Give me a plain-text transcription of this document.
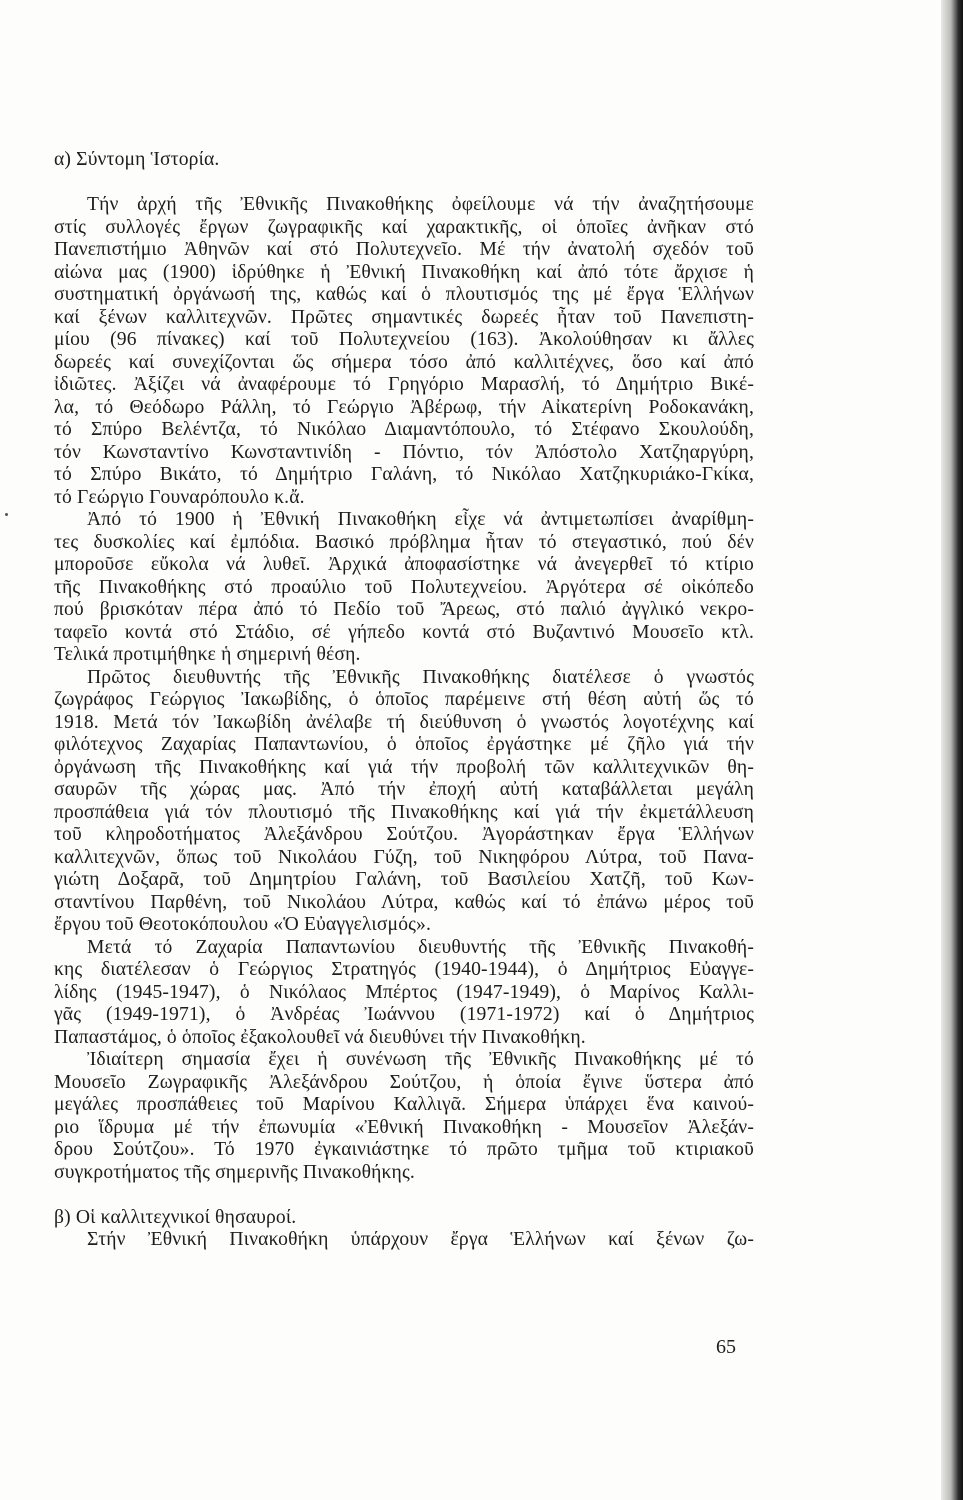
α) Σύντομη Ἱστορία.
Τήν ἀρχή τῆς Ἐθνικῆς Πινακοθήκης ὀφείλουμε νά τήν ἀναζητήσουμε
στίς συλλογές ἔργων ζωγραφικῆς καί χαρακτικῆς, οἱ ὁποῖες ἀνῆκαν στό
Πανεπιστήμιο Ἀθηνῶν καί στό Πολυτεχνεῖο. Μέ τήν ἀνατολή σχεδόν τοῦ
αἰώνα μας (1900) ἱδρύθηκε ἡ Ἐθνική Πινακοθήκη καί ἀπό τότε ἄρχισε ἡ
συστηματική ὀργάνωσή της, καθώς καί ὁ πλουτισμός της μέ ἔργα Ἑλλήνων
καί ξένων καλλιτεχνῶν. Πρῶτες σημαντικές δωρεές ἦταν τοῦ Πανεπιστη-
μίου (96 πίνακες) καί τοῦ Πολυτεχνείου (163). Ἀκολούθησαν κι ἄλλες
δωρεές καί συνεχίζονται ὥς σήμερα τόσο ἀπό καλλιτέχνες, ὅσο καί ἀπό
ἰδιῶτες. Ἀξίζει νά ἀναφέρουμε τό Γρηγόριο Μαρασλή, τό Δημήτριο Βικέ-
λα, τό Θεόδωρο Ράλλη, τό Γεώργιο Ἀβέρωφ, τήν Αἰκατερίνη Ροδοκανάκη,
τό Σπύρο Βελέντζα, τό Νικόλαο Διαμαντόπουλο, τό Στέφανο Σκουλούδη,
τόν Κωνσταντίνο Κωνσταντινίδη - Πόντιο, τόν Ἀπόστολο Χατζηαργύρη,
τό Σπύρο Βικάτο, τό Δημήτριο Γαλάνη, τό Νικόλαο Χατζηκυριάκο-Γκίκα,
τό Γεώργιο Γουναρόπουλο κ.ἄ.
Ἀπό τό 1900 ἡ Ἐθνική Πινακοθήκη εἶχε νά ἀντιμετωπίσει ἀναρίθμη-
τες δυσκολίες καί ἐμπόδια. Βασικό πρόβλημα ἦταν τό στεγαστικό, πού δέν
μποροῦσε εὔκολα νά λυθεῖ. Ἀρχικά ἀποφασίστηκε νά ἀνεγερθεῖ τό κτίριο
τῆς Πινακοθήκης στό προαύλιο τοῦ Πολυτεχνείου. Ἀργότερα σέ οἰκόπεδο
πού βρισκόταν πέρα ἀπό τό Πεδίο τοῦ Ἄρεως, στό παλιό ἀγγλικό νεκρο-
ταφεῖο κοντά στό Στάδιο, σέ γήπεδο κοντά στό Βυζαντινό Μουσεῖο κτλ.
Τελικά προτιμήθηκε ἡ σημερινή θέση.
Πρῶτος διευθυντής τῆς Ἐθνικῆς Πινακοθήκης διατέλεσε ὁ γνωστός
ζωγράφος Γεώργιος Ἰακωβίδης, ὁ ὁποῖος παρέμεινε στή θέση αὐτή ὥς τό
1918. Μετά τόν Ἰακωβίδη ἀνέλαβε τή διεύθυνση ὁ γνωστός λογοτέχνης καί
φιλότεχνος Ζαχαρίας Παπαντωνίου, ὁ ὁποῖος ἐργάστηκε μέ ζῆλο γιά τήν
ὀργάνωση τῆς Πινακοθήκης καί γιά τήν προβολή τῶν καλλιτεχνικῶν θη-
σαυρῶν τῆς χώρας μας. Ἀπό τήν ἐποχή αὐτή καταβάλλεται μεγάλη
προσπάθεια γιά τόν πλουτισμό τῆς Πινακοθήκης καί γιά τήν ἐκμετάλλευση
τοῦ κληροδοτήματος Ἀλεξάνδρου Σούτζου. Ἀγοράστηκαν ἔργα Ἑλλήνων
καλλιτεχνῶν, ὅπως τοῦ Νικολάου Γύζη, τοῦ Νικηφόρου Λύτρα, τοῦ Πανα-
γιώτη Δοξαρᾶ, τοῦ Δημητρίου Γαλάνη, τοῦ Βασιλείου Χατζῆ, τοῦ Κων-
σταντίνου Παρθένη, τοῦ Νικολάου Λύτρα, καθώς καί τό ἐπάνω μέρος τοῦ
ἔργου τοῦ Θεοτοκόπουλου «Ὁ Εὐαγγελισμός».
Μετά τό Ζαχαρία Παπαντωνίου διευθυντής τῆς Ἐθνικῆς Πινακοθή-
κης διατέλεσαν ὁ Γεώργιος Στρατηγός (1940-1944), ὁ Δημήτριος Εὐαγγε-
λίδης (1945-1947), ὁ Νικόλαος Μπέρτος (1947-1949), ὁ Μαρίνος Καλλι-
γᾶς (1949-1971), ὁ Ἀνδρέας Ἰωάννου (1971-1972) καί ὁ Δημήτριος
Παπαστάμος, ὁ ὁποῖος ἐξακολουθεῖ νά διευθύνει τήν Πινακοθήκη.
Ἰδιαίτερη σημασία ἔχει ἡ συνένωση τῆς Ἐθνικῆς Πινακοθήκης μέ τό
Μουσεῖο Ζωγραφικῆς Ἀλεξάνδρου Σούτζου, ἡ ὁποία ἔγινε ὕστερα ἀπό
μεγάλες προσπάθειες τοῦ Μαρίνου Καλλιγᾶ. Σήμερα ὑπάρχει ἕνα καινού-
ριο ἵδρυμα μέ τήν ἐπωνυμία «Ἐθνική Πινακοθήκη - Μουσεῖον Ἀλεξάν-
δρου Σούτζου». Τό 1970 ἐγκαινιάστηκε τό πρῶτο τμῆμα τοῦ κτιριακοῦ
συγκροτήματος τῆς σημερινῆς Πινακοθήκης.
β) Οἱ καλλιτεχνικοί θησαυροί.
Στήν Ἐθνική Πινακοθήκη ὑπάρχουν ἔργα Ἑλλήνων καί ξένων ζω-
65
